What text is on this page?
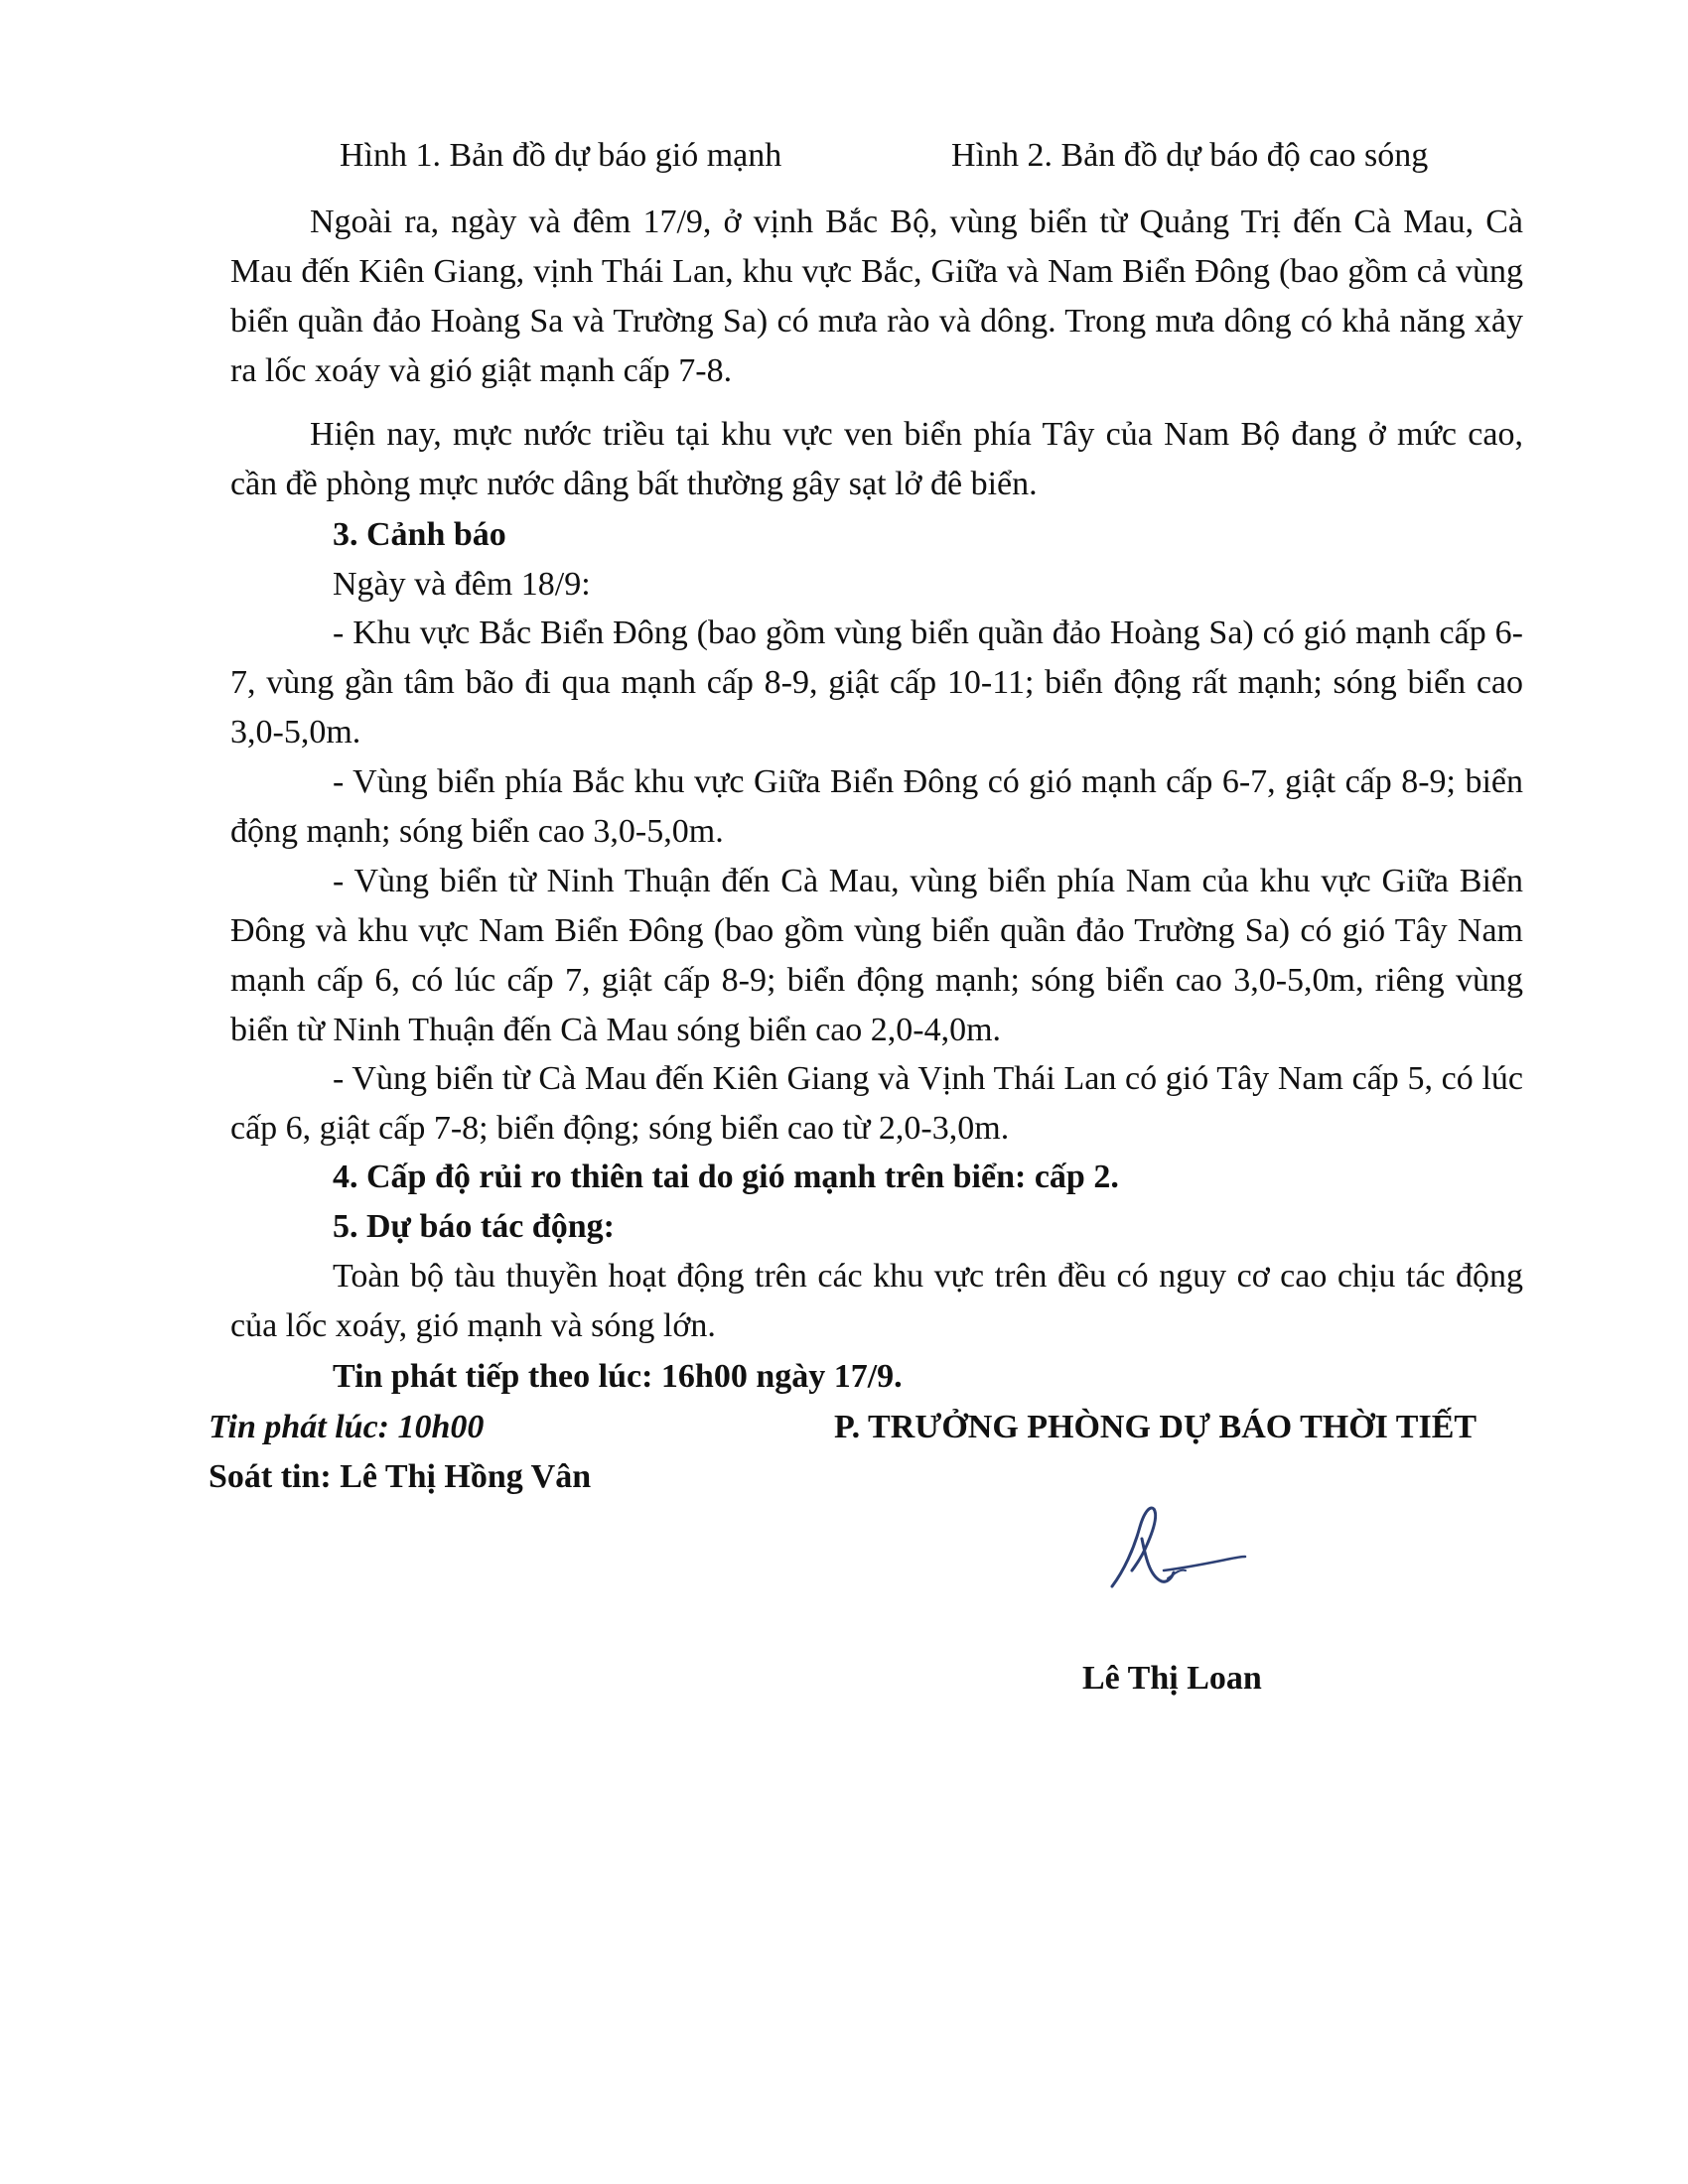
Hình 1. Bản đồ dự báo gió mạnh	Hình 2. Bản đồ dự báo độ cao sóng
Ngoài ra, ngày và đêm 17/9, ở vịnh Bắc Bộ, vùng biển từ Quảng Trị đến Cà Mau, Cà Mau đến Kiên Giang, vịnh Thái Lan, khu vực Bắc, Giữa và Nam Biển Đông (bao gồm cả vùng biển quần đảo Hoàng Sa và Trường Sa) có mưa rào và dông. Trong mưa dông có khả năng xảy ra lốc xoáy và gió giật mạnh cấp 7-8.
Hiện nay, mực nước triều tại khu vực ven biển phía Tây của Nam Bộ đang ở mức cao, cần đề phòng mực nước dâng bất thường gây sạt lở đê biển.
3. Cảnh báo
Ngày và đêm 18/9:
- Khu vực Bắc Biển Đông (bao gồm vùng biển quần đảo Hoàng Sa) có gió mạnh cấp 6-7, vùng gần tâm bão đi qua mạnh cấp 8-9, giật cấp 10-11; biển động rất mạnh; sóng biển cao 3,0-5,0m.
- Vùng biển phía Bắc khu vực Giữa Biển Đông có gió mạnh cấp 6-7, giật cấp 8-9; biển động mạnh; sóng biển cao 3,0-5,0m.
- Vùng biển từ Ninh Thuận đến Cà Mau, vùng biển phía Nam của khu vực Giữa Biển Đông và khu vực Nam Biển Đông (bao gồm vùng biển quần đảo Trường Sa) có gió Tây Nam mạnh cấp 6, có lúc cấp 7, giật cấp 8-9; biển động mạnh; sóng biển cao 3,0-5,0m, riêng vùng biển từ Ninh Thuận đến Cà Mau sóng biển cao 2,0-4,0m.
- Vùng biển từ Cà Mau đến Kiên Giang và Vịnh Thái Lan có gió Tây Nam cấp 5, có lúc cấp 6, giật cấp 7-8; biển động; sóng biển cao từ 2,0-3,0m.
4. Cấp độ rủi ro thiên tai do gió mạnh trên biển: cấp 2.
5. Dự báo tác động:
Toàn bộ tàu thuyền hoạt động trên các khu vực trên đều có nguy cơ cao chịu tác động của lốc xoáy, gió mạnh và sóng lớn.
Tin phát tiếp theo lúc: 16h00 ngày 17/9.
Tin phát lúc: 10h00
Soát tin: Lê Thị Hồng Vân
P. TRƯỞNG PHÒNG DỰ BÁO THỜI TIẾT
Lê Thị Loan
